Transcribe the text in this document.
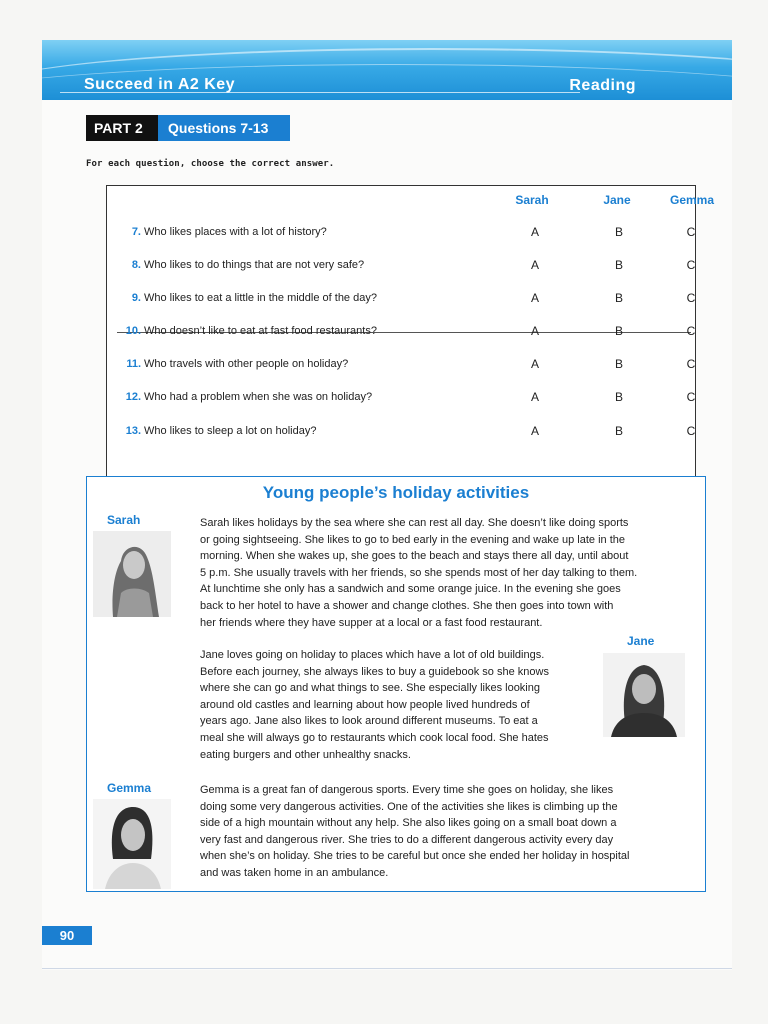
Succeed in A2 Key	Reading
PART 2	Questions 7-13
For each question, choose the correct answer.
Sarah	Jane	Gemma
7. Who likes places with a lot of history?	A	B	C
8. Who likes to do things that are not very safe?	A	B	C
9. Who likes to eat a little in the middle of the day?	A	B	C
10. Who doesn’t like to eat at fast food restaurants?	A	B	C
11. Who travels with other people on holiday?	A	B	C
12. Who had a problem when she was on holiday?	A	B	C
13. Who likes to sleep a lot on holiday?	A	B	C
Young people’s holiday activities
Sarah	Sarah likes holidays by the sea where she can rest all day. She doesn’t like doing sports
or going sightseeing. She likes to go to bed early in the evening and wake up late in the
morning. When she wakes up, she goes to the beach and stays there all day, until about
5 p.m. She usually travels with her friends, so she spends most of her day talking to them.
At lunchtime she only has a sandwich and some orange juice. In the evening she goes
back to her hotel to have a shower and change clothes. She then goes into town with
her friends where they have supper at a local or a fast food restaurant.

Jane

Jane loves going on holiday to places which have a lot of old buildings.
Before each journey, she always likes to buy a guidebook so she knows
where she can go and what things to see. She especially likes looking
around old castles and learning about how people lived hundreds of
years ago. Jane also likes to look around different museums. To eat a
meal she will always go to restaurants which cook local food. She hates
eating burgers and other unhealthy snacks.

Gemma	Gemma is a great fan of dangerous sports. Every time she goes on holiday, she likes
doing some very dangerous activities. One of the activities she likes is climbing up the
side of a high mountain without any help. She also likes going on a small boat down a
very fast and dangerous river. She tries to do a different dangerous activity every day
when she’s on holiday. She tries to be careful but once she ended her holiday in hospital
and was taken home in an ambulance.

90
